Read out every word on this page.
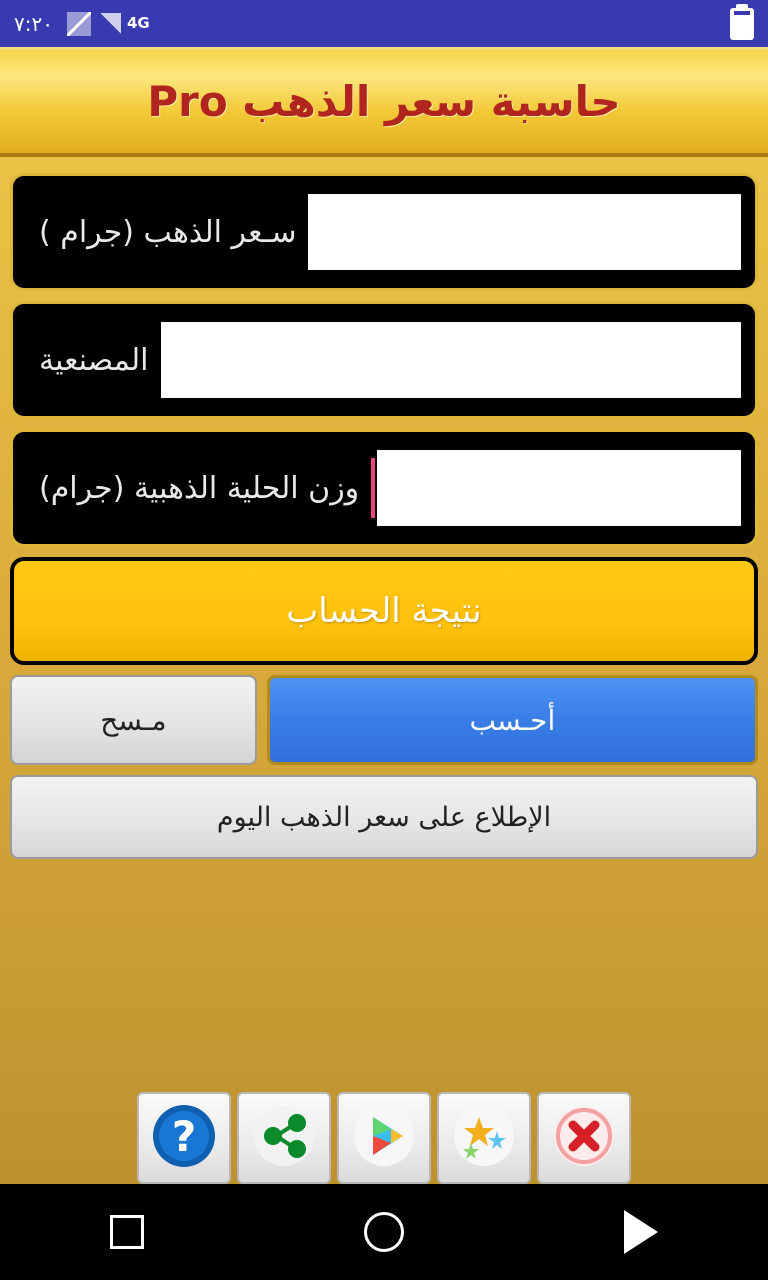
٧:٢٠	4G
حاسبة سعر الذهب Pro
سـعر الذهب (جرام )
المصنعية
وزن الحلية الذهبية (جرام)
نتيجة الحساب
أحـسب
مـسح
الإطلاع على سعر الذهب اليوم
?
